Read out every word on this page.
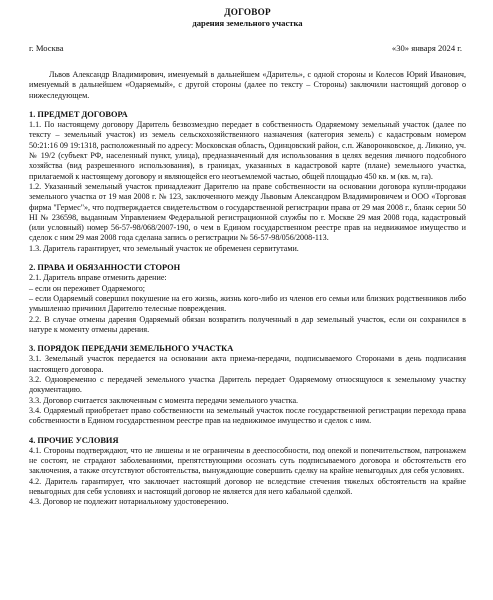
ДОГОВОР
дарения земельного участка
г. Москва	«30» января 2024 г.
Львов Александр Владимирович, именуемый в дальнейшем «Даритель», с одной стороны и Колесов Юрий Иванович, именуемый в дальнейшем «Одаряемый», с другой стороны (далее по тексту – Стороны) заключили настоящий договор о нижеследующем.
1. ПРЕДМЕТ ДОГОВОРА
1.1. По настоящему договору Даритель безвозмездно передает в собственность Одаряемому земельный участок (далее по тексту – земельный участок) из земель сельскохозяйственного назначения (категория земель) с кадастровым номером 50:21:16 09 19:1318, расположенный по адресу: Московская область, Одинцовский район, с.п. Жаворонковское, д. Ликино, уч. № 19/2 (субъект РФ, населенный пункт, улица), предназначенный для использования в целях ведения личного подсобного хозяйства (вид разрешенного использования), в границах, указанных в кадастровой карте (плане) земельного участка, прилагаемой к настоящему договору и являющейся его неотъемлемой частью, общей площадью 450 кв. м (кв. м, га).
1.2. Указанный земельный участок принадлежит Дарителю на праве собственности на основании договора купли-продажи земельного участка от 19 мая 2008 г. № 123, заключенного между Львовым Александром Владимировичем и ООО «Торговая фирма "Гермес"», что подтверждается свидетельством о государственной регистрации права от 29 мая 2008 г., бланк серии 50 НІ № 236598, выданным Управлением Федеральной регистрационной службы по г. Москве 29 мая 2008 года, кадастровый (или условный) номер 56-57-98/068/2007-190, о чем в Едином государственном реестре прав на недвижимое имущество и сделок с ним 29 мая 2008 года сделана запись о регистрации № 56-57-98/056/2008-113.
1.3. Даритель гарантирует, что земельный участок не обременен сервитутами.
2. ПРАВА И ОБЯЗАННОСТИ СТОРОН
2.1. Даритель вправе отменить дарение:
– если он переживет Одаряемого;
– если Одаряемый совершил покушение на его жизнь, жизнь кого-либо из членов его семьи или близких родственников либо умышленно причинил Дарителю телесные повреждения.
2.2. В случае отмены дарения Одаряемый обязан возвратить полученный в дар земельный участок, если он сохранился в натуре к моменту отмены дарения.
3. ПОРЯДОК ПЕРЕДАЧИ ЗЕМЕЛЬНОГО УЧАСТКА
3.1. Земельный участок передается на основании акта приема-передачи, подписываемого Сторонами в день подписания настоящего договора.
3.2. Одновременно с передачей земельного участка Даритель передает Одаряемому относящуюся к земельному участку документацию.
3.3. Договор считается заключенным с момента передачи земельного участка.
3.4. Одаряемый приобретает право собственности на земельный участок после государственной регистрации перехода права собственности в Едином государственном реестре прав на недвижимое имущество и сделок с ним.
4. ПРОЧИЕ УСЛОВИЯ
4.1. Стороны подтверждают, что не лишены и не ограничены в дееспособности, под опекой и попечительством, патронажем не состоят, не страдают заболеваниями, препятствующими осознать суть подписываемого договора и обстоятельств его заключения, а также отсутствуют обстоятельства, вынуждающие совершить сделку на крайне невыгодных для себя условиях.
4.2. Даритель гарантирует, что заключает настоящий договор не вследствие стечения тяжелых обстоятельств на крайне невыгодных для себя условиях и настоящий договор не является для него кабальной сделкой.
4.3. Договор не подлежит нотариальному удостоверению.
